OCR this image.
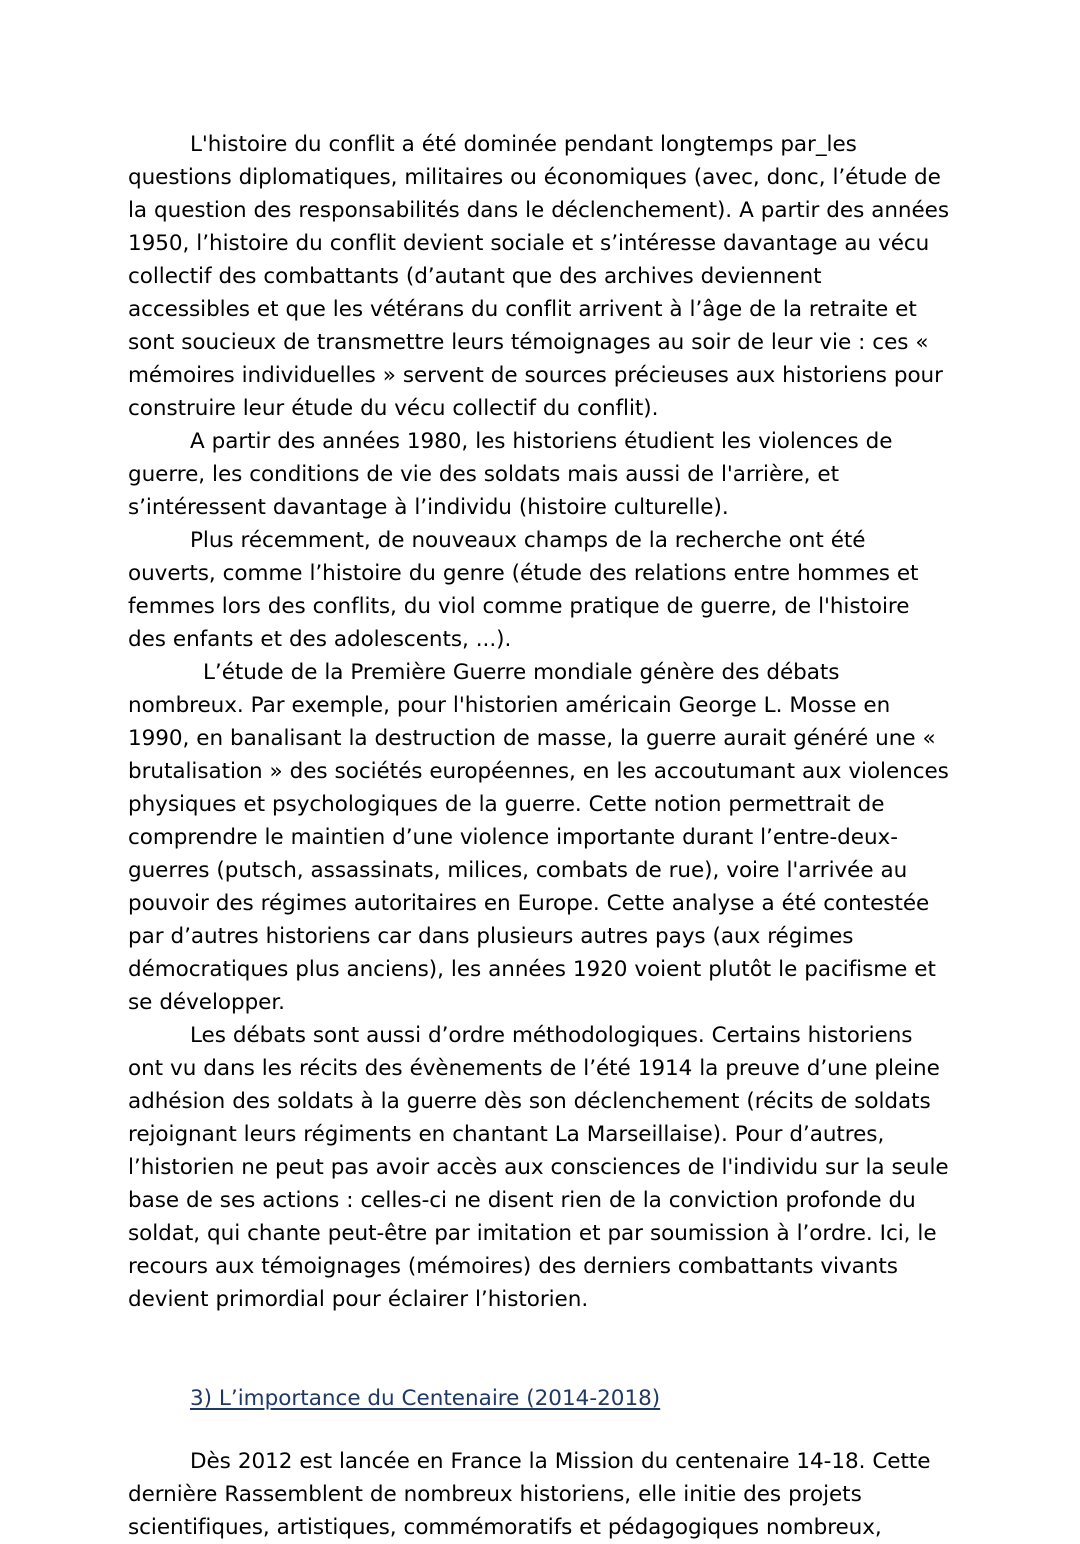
L'histoire du conflit a été dominée pendant longtemps par_les questions diplomatiques, militaires ou économiques (avec, donc, l’étude de la question des responsabilités dans le déclenchement). A partir des années 1950, l’histoire du conflit devient sociale et s’intéresse davantage au vécu collectif des combattants (d’autant que des archives deviennent accessibles et que les vétérans du conflit arrivent à l’âge de la retraite et sont soucieux de transmettre leurs témoignages au soir de leur vie : ces « mémoires individuelles » servent de sources précieuses aux historiens pour construire leur étude du vécu collectif du conflit).

A partir des années 1980, les historiens étudient les violences de guerre, les conditions de vie des soldats mais aussi de l'arrière, et s’intéressent davantage à l’individu (histoire culturelle).

Plus récemment, de nouveaux champs de la recherche ont été ouverts, comme l’histoire du genre (étude des relations entre hommes et femmes lors des conflits, du viol comme pratique de guerre, de l'histoire des enfants et des adolescents, ...).

L’étude de la Première Guerre mondiale génère des débats nombreux. Par exemple, pour l'historien américain George L. Mosse en 1990, en banalisant la destruction de masse, la guerre aurait généré une « brutalisation » des sociétés européennes, en les accoutumant aux violences physiques et psychologiques de la guerre. Cette notion permettrait de comprendre le maintien d’une violence importante durant l’entre-deux-guerres (putsch, assassinats, milices, combats de rue), voire l'arrivée au pouvoir des régimes autoritaires en Europe. Cette analyse a été contestée par d’autres historiens car dans plusieurs autres pays (aux régimes démocratiques plus anciens), les années 1920 voient plutôt le pacifisme et se développer.

Les débats sont aussi d’ordre méthodologiques. Certains historiens ont vu dans les récits des évènements de l’été 1914 la preuve d’une pleine adhésion des soldats à la guerre dès son déclenchement (récits de soldats rejoignant leurs régiments en chantant La Marseillaise). Pour d’autres, l’historien ne peut pas avoir accès aux consciences de l'individu sur la seule base de ses actions : celles-ci ne disent rien de la conviction profonde du soldat, qui chante peut-être par imitation et par soumission à l’ordre. Ici, le recours aux témoignages (mémoires) des derniers combattants vivants devient primordial pour éclairer l’historien.

3) L’importance du Centenaire (2014-2018)

Dès 2012 est lancée en France la Mission du centenaire 14-18. Cette dernière Rassemblent de nombreux historiens, elle initie des projets scientifiques, artistiques, commémoratifs et pédagogiques nombreux,
